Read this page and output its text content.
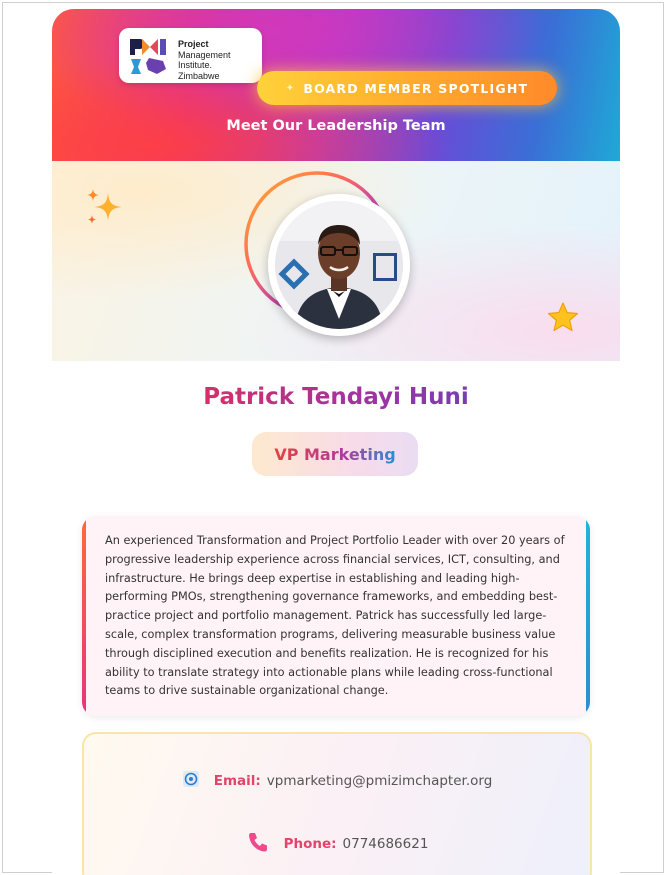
Project
Management
Institute.
Zimbabwe
✦ BOARD MEMBER SPOTLIGHT
Meet Our Leadership Team
Patrick Tendayi Huni
VP Marketing

An experienced Transformation and Project Portfolio Leader with over 20 years of progressive leadership experience across financial services, ICT, consulting, and infrastructure. He brings deep expertise in establishing and leading high-performing PMOs, strengthening governance frameworks, and embedding best-practice project and portfolio management. Patrick has successfully led large-scale, complex transformation programs, delivering measurable business value through disciplined execution and benefits realization. He is recognized for his ability to translate strategy into actionable plans while leading cross-functional teams to drive sustainable organizational change.

Email: vpmarketing@pmizimchapter.org
Phone: 0774686621
